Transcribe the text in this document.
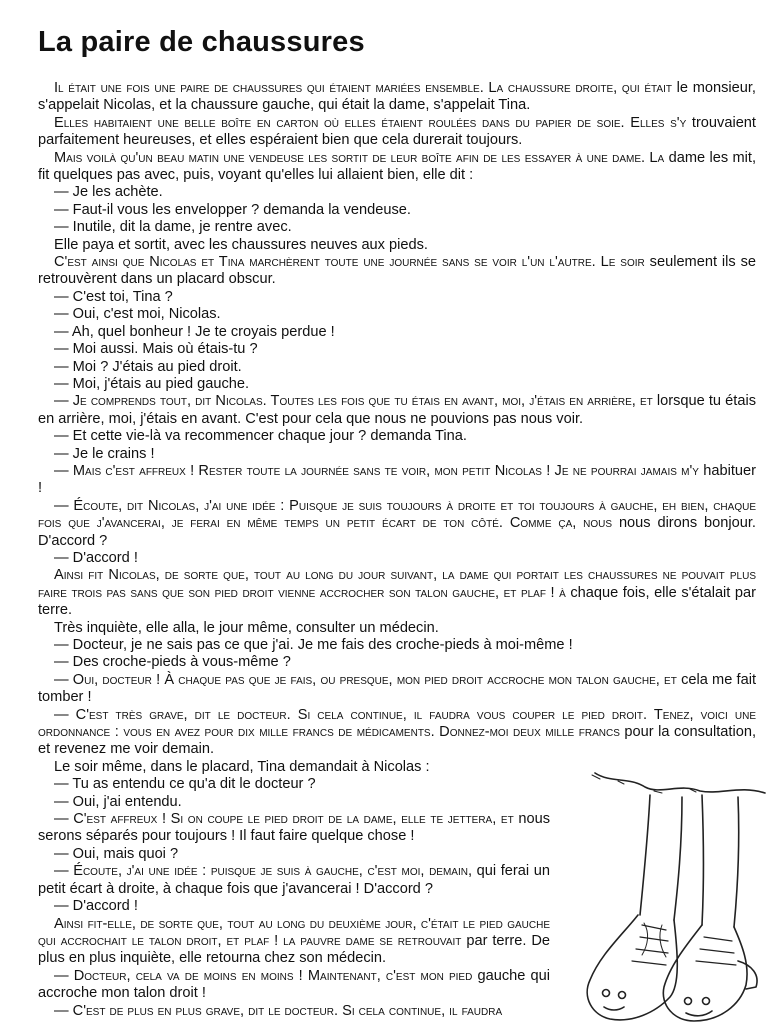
La paire de chaussures

Il était une fois une paire de chaussures qui étaient mariées ensemble. La chaussure droite, qui était le monsieur, s'appelait Nicolas, et la chaussure gauche, qui était la dame, s'appelait Tina.

Elles habitaient une belle boîte en carton où elles étaient roulées dans du papier de soie. Elles s'y trouvaient parfaitement heureuses, et elles espéraient bien que cela durerait toujours.

Mais voilà qu'un beau matin une vendeuse les sortit de leur boîte afin de les essayer à une dame. La dame les mit, fit quelques pas avec, puis, voyant qu'elles lui allaient bien, elle dit :

— Je les achète.

— Faut-il vous les envelopper ? demanda la vendeuse.

— Inutile, dit la dame, je rentre avec.

Elle paya et sortit, avec les chaussures neuves aux pieds.

C'est ainsi que Nicolas et Tina marchèrent toute une journée sans se voir l'un l'autre. Le soir seulement ils se retrouvèrent dans un placard obscur.

— C'est toi, Tina ?

— Oui, c'est moi, Nicolas.

— Ah, quel bonheur ! Je te croyais perdue !

— Moi aussi. Mais où étais-tu ?

— Moi ? J'étais au pied droit.

— Moi, j'étais au pied gauche.

— Je comprends tout, dit Nicolas. Toutes les fois que tu étais en avant, moi, j'étais en arrière, et lorsque tu étais en arrière, moi, j'étais en avant. C'est pour cela que nous ne pouvions pas nous voir.

— Et cette vie-là va recommencer chaque jour ? demanda Tina.

— Je le crains !

— Mais c'est affreux ! Rester toute la journée sans te voir, mon petit Nicolas ! Je ne pourrai jamais m'y habituer !

— Écoute, dit Nicolas, j'ai une idée : Puisque je suis toujours à droite et toi toujours à gauche, eh bien, chaque fois que j'avancerai, je ferai en même temps un petit écart de ton côté. Comme ça, nous nous dirons bonjour. D'accord ?

— D'accord !

Ainsi fit Nicolas, de sorte que, tout au long du jour suivant, la dame qui portait les chaussures ne pouvait plus faire trois pas sans que son pied droit vienne accrocher son talon gauche, et plaf ! à chaque fois, elle s'étalait par terre.

Très inquiète, elle alla, le jour même, consulter un médecin.

— Docteur, je ne sais pas ce que j'ai. Je me fais des croche-pieds à moi-même !

— Des croche-pieds à vous-même ?

— Oui, docteur ! À chaque pas que je fais, ou presque, mon pied droit accroche mon talon gauche, et cela me fait tomber !

— C'est très grave, dit le docteur. Si cela continue, il faudra vous couper le pied droit. Tenez, voici une ordonnance : vous en avez pour dix mille francs de médicaments. Donnez-moi deux mille francs pour la consultation, et revenez me voir demain.

Le soir même, dans le placard, Tina demandait à Nicolas :

— Tu as entendu ce qu'a dit le docteur ?

— Oui, j'ai entendu.

— C'est affreux ! Si on coupe le pied droit de la dame, elle te jettera, et nous serons séparés pour toujours ! Il faut faire quelque chose !

— Oui, mais quoi ?

— Écoute, j'ai une idée : puisque je suis à gauche, c'est moi, demain, qui ferai un petit écart à droite, à chaque fois que j'avancerai ! D'accord ?

— D'accord !

Ainsi fit-elle, de sorte que, tout au long du deuxième jour, c'était le pied gauche qui accrochait le talon droit, et plaf ! la pauvre dame se retrouvait par terre. De plus en plus inquiète, elle retourna chez son médecin.

— Docteur, cela va de moins en moins ! Maintenant, c'est mon pied gauche qui accroche mon talon droit !

— C'est de plus en plus grave, dit le docteur. Si cela continue, il faudra
